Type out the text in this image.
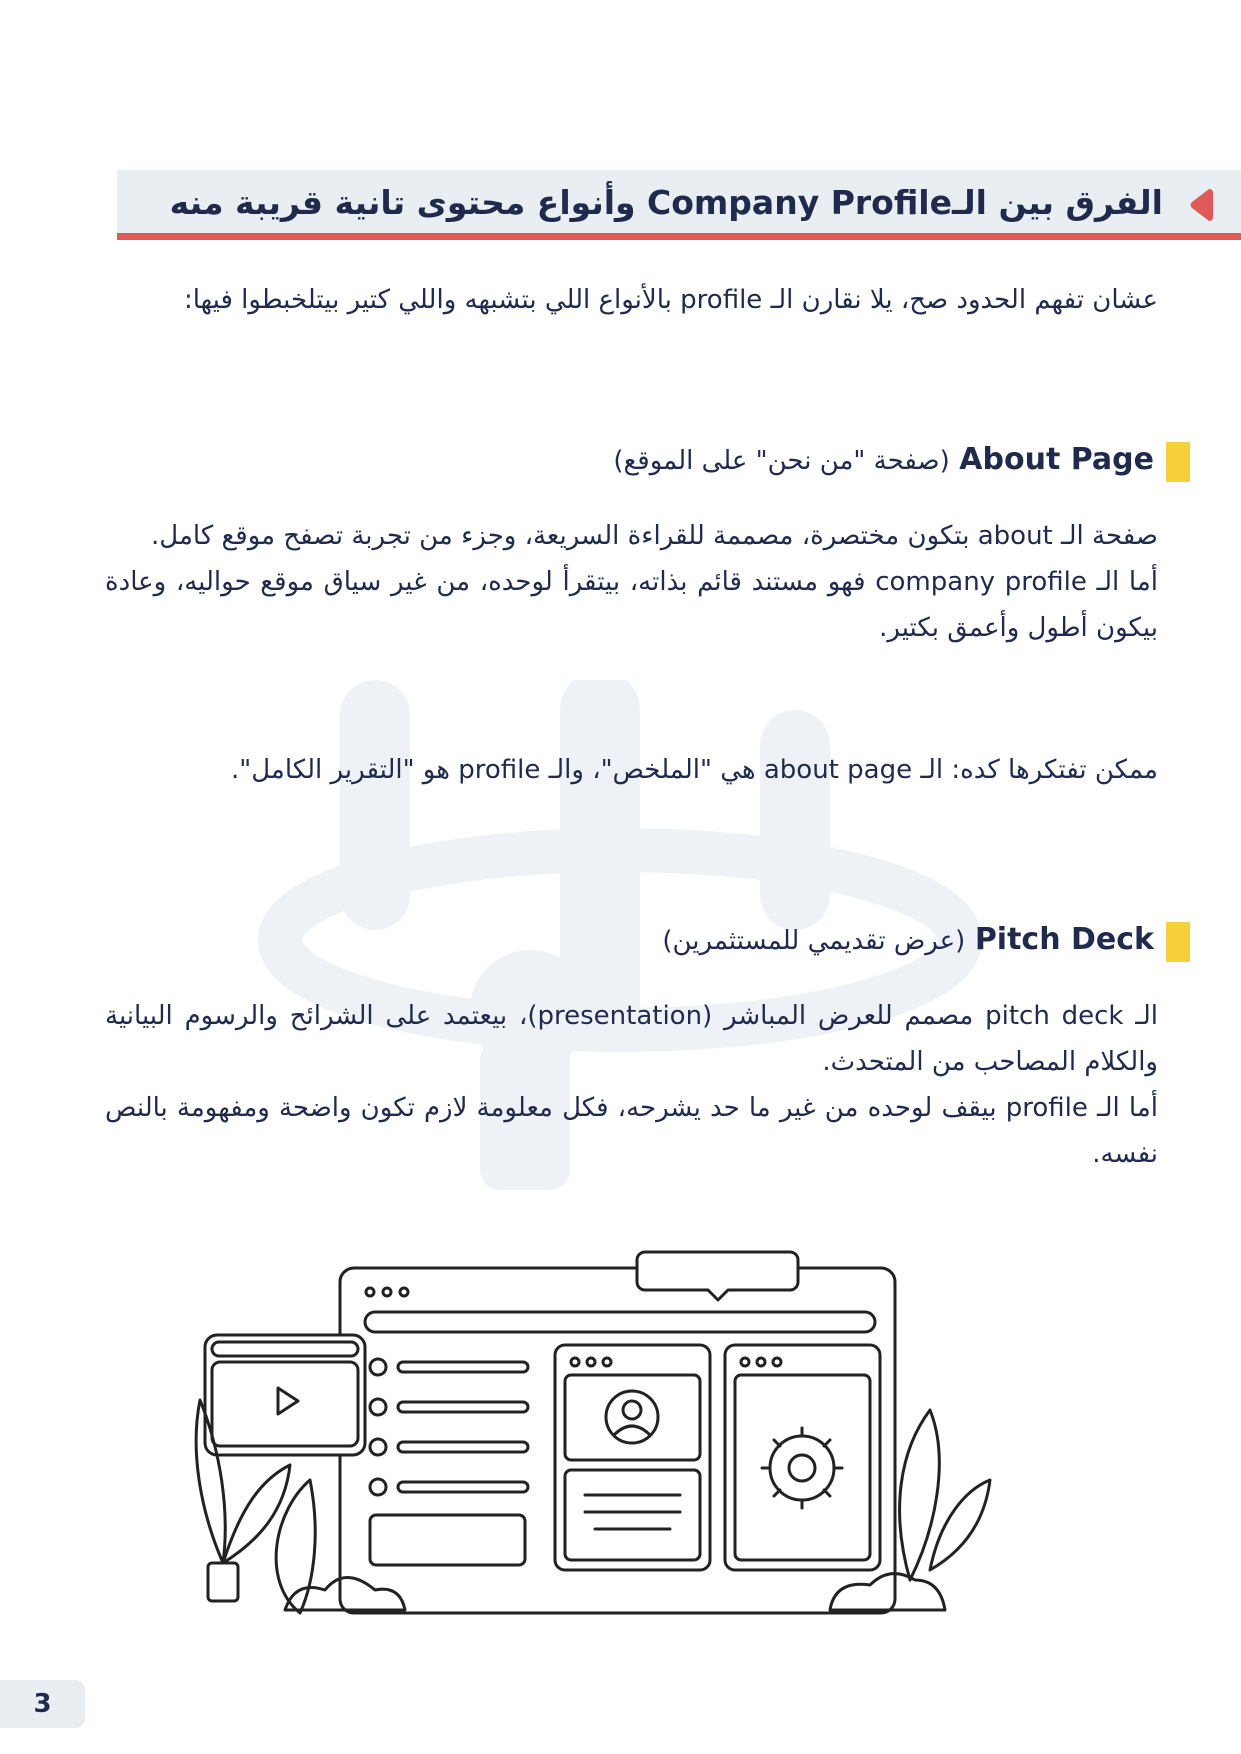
الفرق بين الـCompany Profile وأنواع محتوى تانية قريبة منه

عشان تفهم الحدود صح، يلا نقارن الـ profile بالأنواع اللي بتشبهه واللي كتير بيتلخبطوا فيها:

About Page (صفحة "من نحن" على الموقع)

صفحة الـ about بتكون مختصرة، مصممة للقراءة السريعة، وجزء من تجربة تصفح موقع كامل.

أما الـ company profile فهو مستند قائم بذاته، بيتقرأ لوحده، من غير سياق موقع حواليه، وعادة بيكون أطول وأعمق بكتير.

ممكن تفتكرها كده: الـ about page هي "الملخص"، والـ profile هو "التقرير الكامل".

Pitch Deck (عرض تقديمي للمستثمرين)

الـ pitch deck مصمم للعرض المباشر (presentation)، بيعتمد على الشرائح والرسوم البيانية والكلام المصاحب من المتحدث.

أما الـ profile بيقف لوحده من غير ما حد يشرحه، فكل معلومة لازم تكون واضحة ومفهومة بالنص نفسه.

3
